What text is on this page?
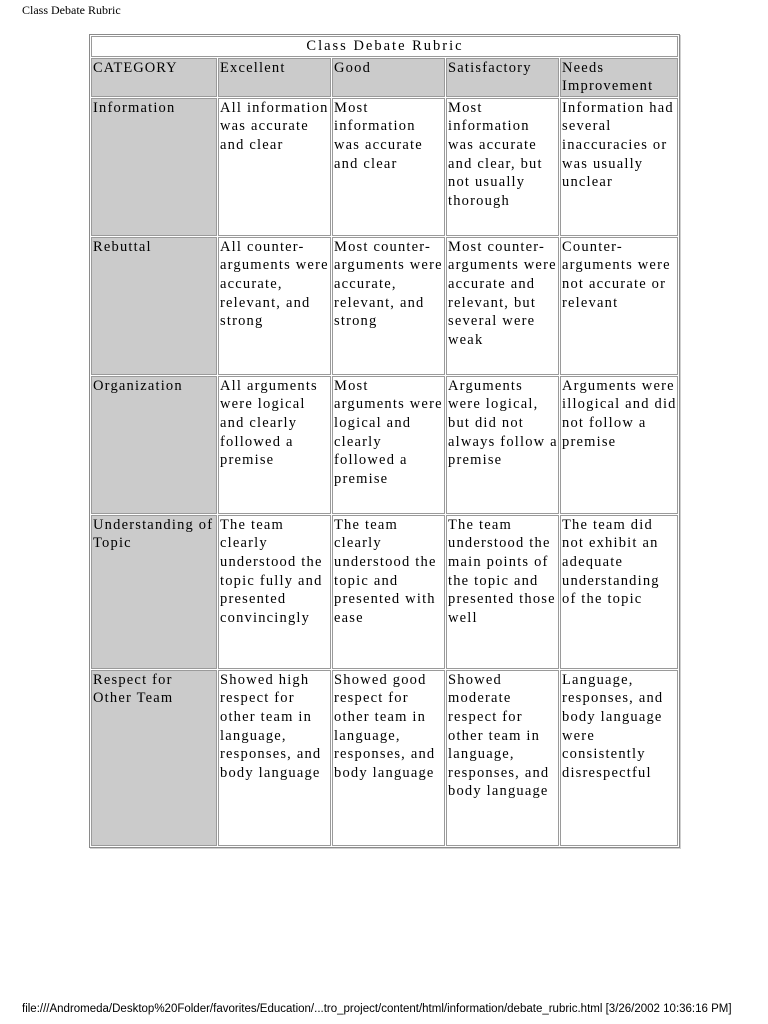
Class Debate Rubric
Class Debate Rubric				
CATEGORY	Excellent	Good	Satisfactory	Needs Improvement
Information	All information was accurate and clear	Most information was accurate and clear	Most information was accurate and clear, but not usually thorough	Information had several inaccuracies or was usually unclear
Rebuttal	All counter-arguments were accurate, relevant, and strong	Most counter-arguments were accurate, relevant, and strong	Most counter-arguments were accurate and relevant, but several were weak	Counter-arguments were not accurate or relevant
Organization	All arguments were logical and clearly followed a premise	Most arguments were logical and clearly followed a premise	Arguments were logical, but did not always follow a premise	Arguments were illogical and did not follow a premise
Understanding of Topic	The team clearly understood the topic fully and presented convincingly	The team clearly understood the topic and presented with ease	The team understood the main points of the topic and presented those well	The team did not exhibit an adequate understanding of the topic
Respect for Other Team	Showed high respect for other team in language, responses, and body language	Showed good respect for other team in language, responses, and body language	Showed moderate respect for other team in language, responses, and body language	Language, responses, and body language were consistently disrespectful
file:///Andromeda/Desktop%20Folder/favorites/Education/...tro_project/content/html/information/debate_rubric.html [3/26/2002 10:36:16 PM]
